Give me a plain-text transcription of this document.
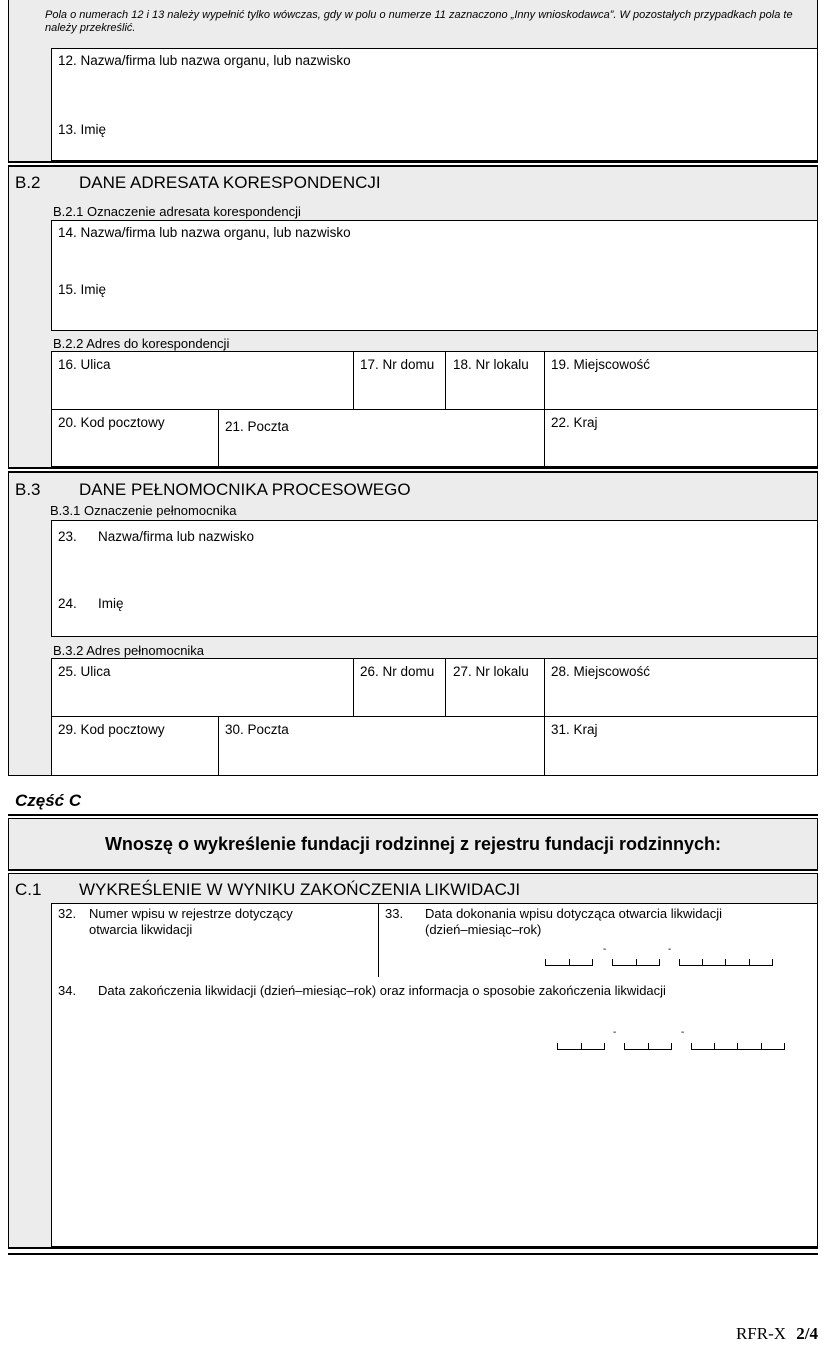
Pola o numerach 12 i 13 należy wypełnić tylko wówczas, gdy w polu o numerze 11 zaznaczono „Inny wnioskodawca”. W pozostałych przypadkach pola te należy przekreślić.
12. Nazwa/firma lub nazwa organu, lub nazwisko
13. Imię
B.2 DANE ADRESATA KORESPONDENCJI
B.2.1 Oznaczenie adresata korespondencji
14. Nazwa/firma lub nazwa organu, lub nazwisko
15. Imię
B.2.2 Adres do korespondencji
16. Ulica	17. Nr domu 18. Nr lokalu 19. Miejscowość
20. Kod pocztowy	21. Poczta	22. Kraj
B.3 DANE PEŁNOMOCNIKA PROCESOWEGO
B.3.1 Oznaczenie pełnomocnika
23. Nazwa/firma lub nazwisko
24. Imię
B.3.2 Adres pełnomocnika
25. Ulica	26. Nr domu 27. Nr lokalu 28. Miejscowość
29. Kod pocztowy	30. Poczta	31. Kraj
Część C
Wnoszę o wykreślenie fundacji rodzinnej z rejestru fundacji rodzinnych:
C.1 WYKREŚLENIE W WYNIKU ZAKOŃCZENIA LIKWIDACJI
32. Numer wpisu w rejestrze dotyczący
otwarcia likwidacji
33. Data dokonania wpisu dotycząca otwarcia likwidacji
(dzień–miesiąc–rok)
-	-
34. Data zakończenia likwidacji (dzień–miesiąc–rok) oraz informacja o sposobie zakończenia likwidacji
-	-
RFR-X 2/4
